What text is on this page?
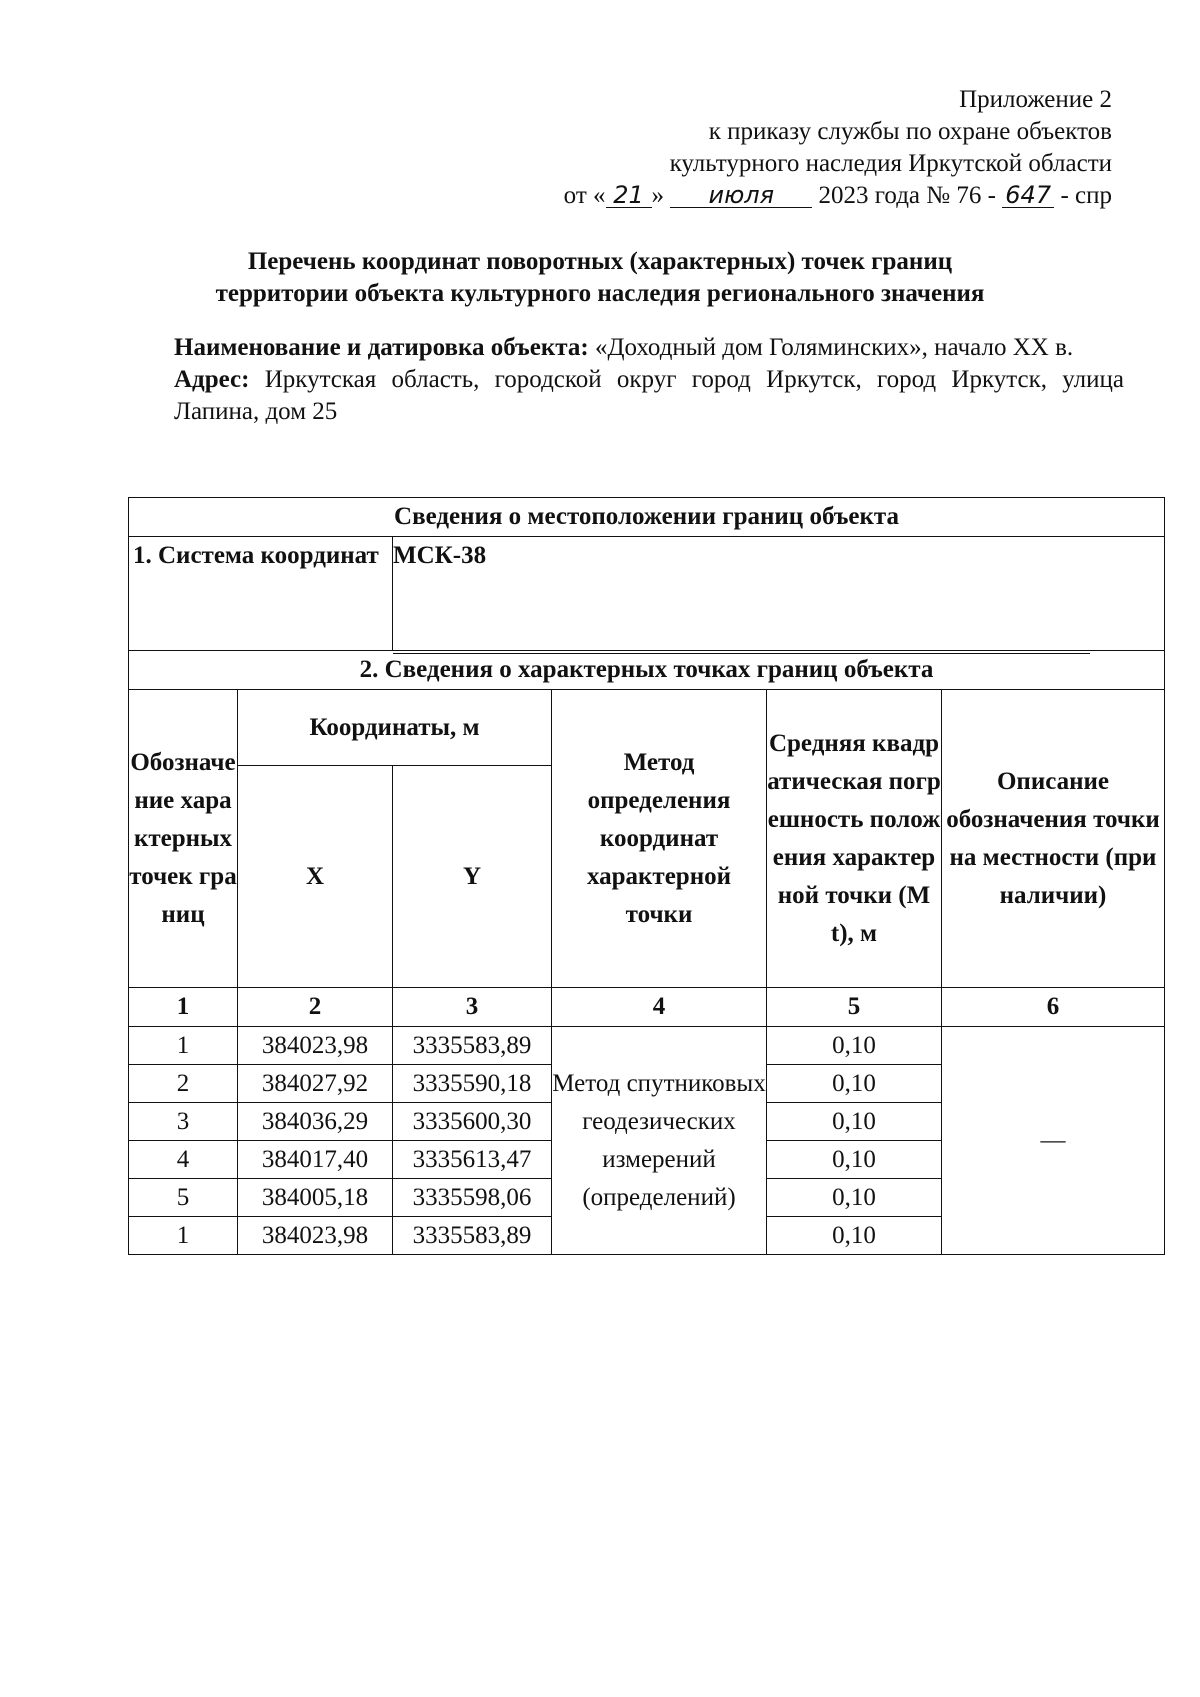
Приложение 2
к приказу службы по охране объектов
культурного наследия Иркутской области
от « 21 » июля 2023 года № 76 - 647 - спр
Перечень координат поворотных (характерных) точек границ
территории объекта культурного наследия регионального значения

Наименование и датировка объекта: «Доходный дом Голяминских», начало XX в.

Адрес: Иркутская область, городской округ город Иркутск, город Иркутск, улица Лапина, дом 25

Сведения о местоположении границ объекта					
1. Система координат		МСК-38			

2. Сведения о характерных точках границ объекта					
Обозначение характерных точек границ	Координаты, м		Метод определения координат характерной точки	Средняя квадратическая погрешность положения характерной точки (Mt), м	Описание обозначения точки на местности (при наличии)
	X	Y			
1	2	3	4	5	6
1	384023,98	3335583,89	Метод спутниковых геодезических измерений (определений)	0,10	—
2	384027,92	3335590,18		0,10	
3	384036,29	3335600,30		0,10	
4	384017,40	3335613,47		0,10	
5	384005,18	3335598,06		0,10	
1	384023,98	3335583,89		0,10	
